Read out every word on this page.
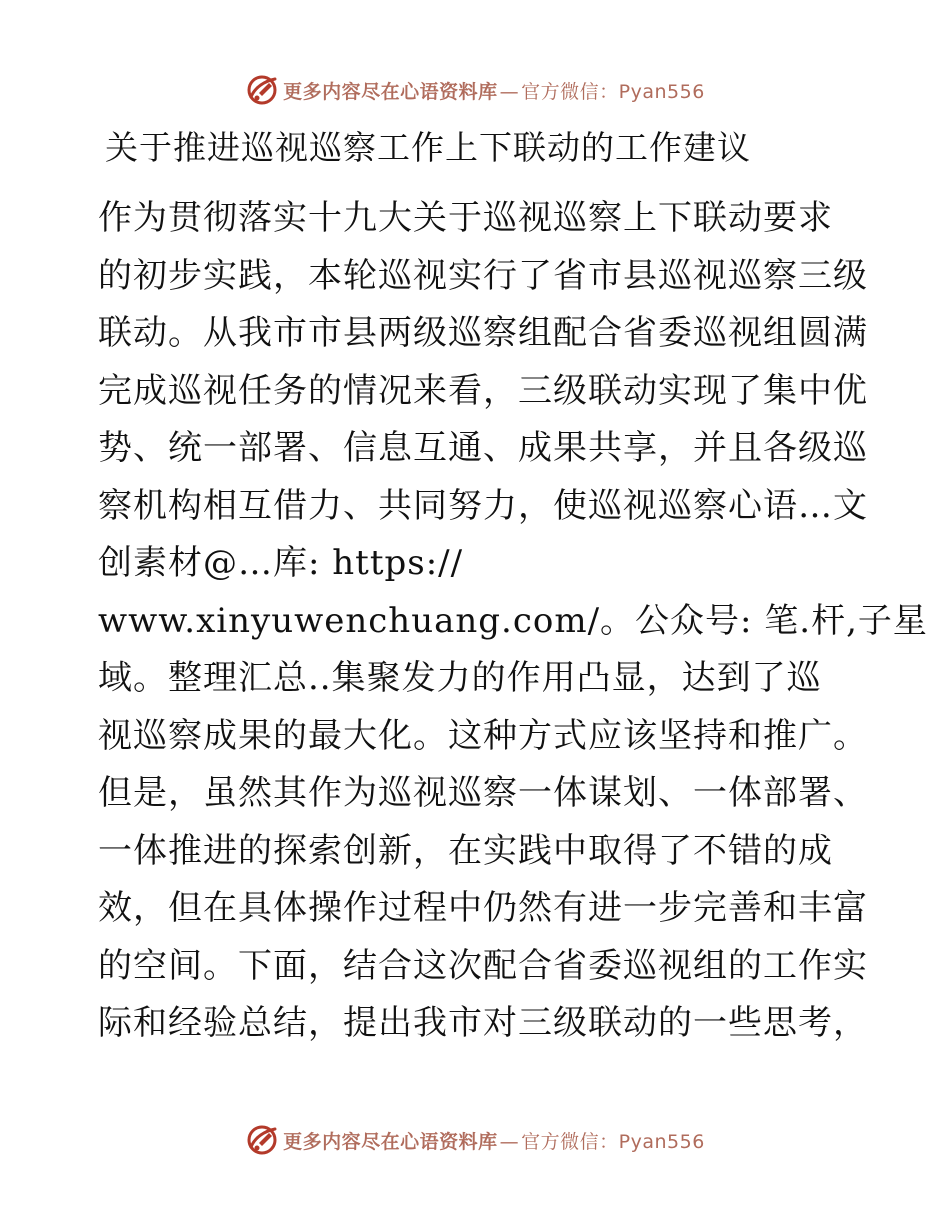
更多内容尽在心语资料库 — 官方微信：Pyan556
关于推进巡视巡察工作上下联动的工作建议
作为贯彻落实十九大关于巡视巡察上下联动要求
的初步实践，本轮巡视实行了省市县巡视巡察三级
联动。从我市市县两级巡察组配合省委巡视组圆满
完成巡视任务的情况来看，三级联动实现了集中优
势、统一部署、信息互通、成果共享，并且各级巡
察机构相互借力、共同努力，使巡视巡察心语…文
创素材@…库: https://
www.xinyuwenchuang.com/。公众号: 笔.杆,子星
域。整理汇总..集聚发力的作用凸显，达到了巡
视巡察成果的最大化。这种方式应该坚持和推广。
但是，虽然其作为巡视巡察一体谋划、一体部署、
一体推进的探索创新，在实践中取得了不错的成
效，但在具体操作过程中仍然有进一步完善和丰富
的空间。下面，结合这次配合省委巡视组的工作实
际和经验总结，提出我市对三级联动的一些思考，
更多内容尽在心语资料库 — 官方微信：Pyan556
